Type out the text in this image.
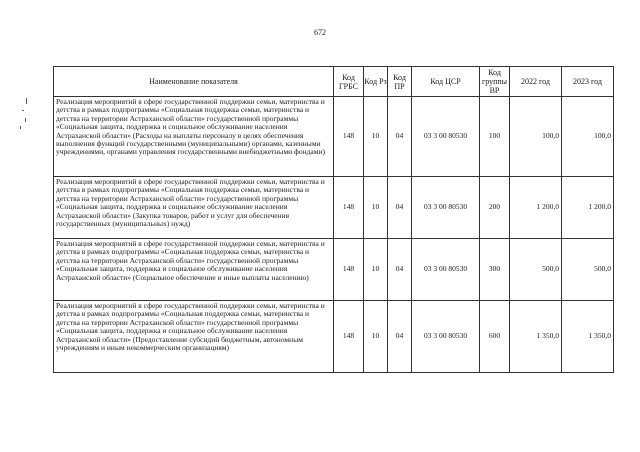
672
Наименование показателя	Код ГРБС	Код Рз	Код ПР	Код ЦСР	Код группы ВР	2022 год	2023 год
Реализация мероприятий в сфере государственной поддержки семьи, материнства и детства в рамках подпрограммы «Социальная поддержка семьи, материнства и детства на территории Астраханской области» государственной программы «Социальная защита, поддержка и социальное обслуживание населения Астраханской области» (Расходы на выплаты персоналу в целях обеспечения выполнения функций государственными (муниципальными) органами, казенными учреждениями, органами управления государственными внебюджетными фондами)	148	10	04	03 3 00 80530	100	100,0	100,0
Реализация мероприятий в сфере государственной поддержки семьи, материнства и детства в рамках подпрограммы «Социальная поддержка семьи, материнства и детства на территории Астраханской области» государственной программы «Социальная защита, поддержка и социальное обслуживание населения Астраханской области» (Закупка товаров, работ и услуг для обеспечения государственных (муниципальных) нужд)	148	10	04	03 3 00 80530	200	1 200,0	1 200,0
Реализация мероприятий в сфере государственной поддержки семьи, материнства и детства в рамках подпрограммы «Социальная поддержка семьи, материнства и детства на территории Астраханской области» государственной программы «Социальная защита, поддержка и социальное обслуживание населения Астраханской области» (Социальное обеспечение и иные выплаты населению)	148	10	04	03 3 00 80530	300	500,0	500,0
Реализация мероприятий в сфере государственной поддержки семьи, материнства и детства в рамках подпрограммы «Социальная поддержка семьи, материнства и детства на территории Астраханской области» государственной программы «Социальная защита, поддержка и социальное обслуживание населения Астраханской области» (Предоставление субсидий бюджетным, автономным учреждениям и иным некоммерческим организациям)	148	10	04	03 3 00 80530	600	1 350,0	1 350,0
